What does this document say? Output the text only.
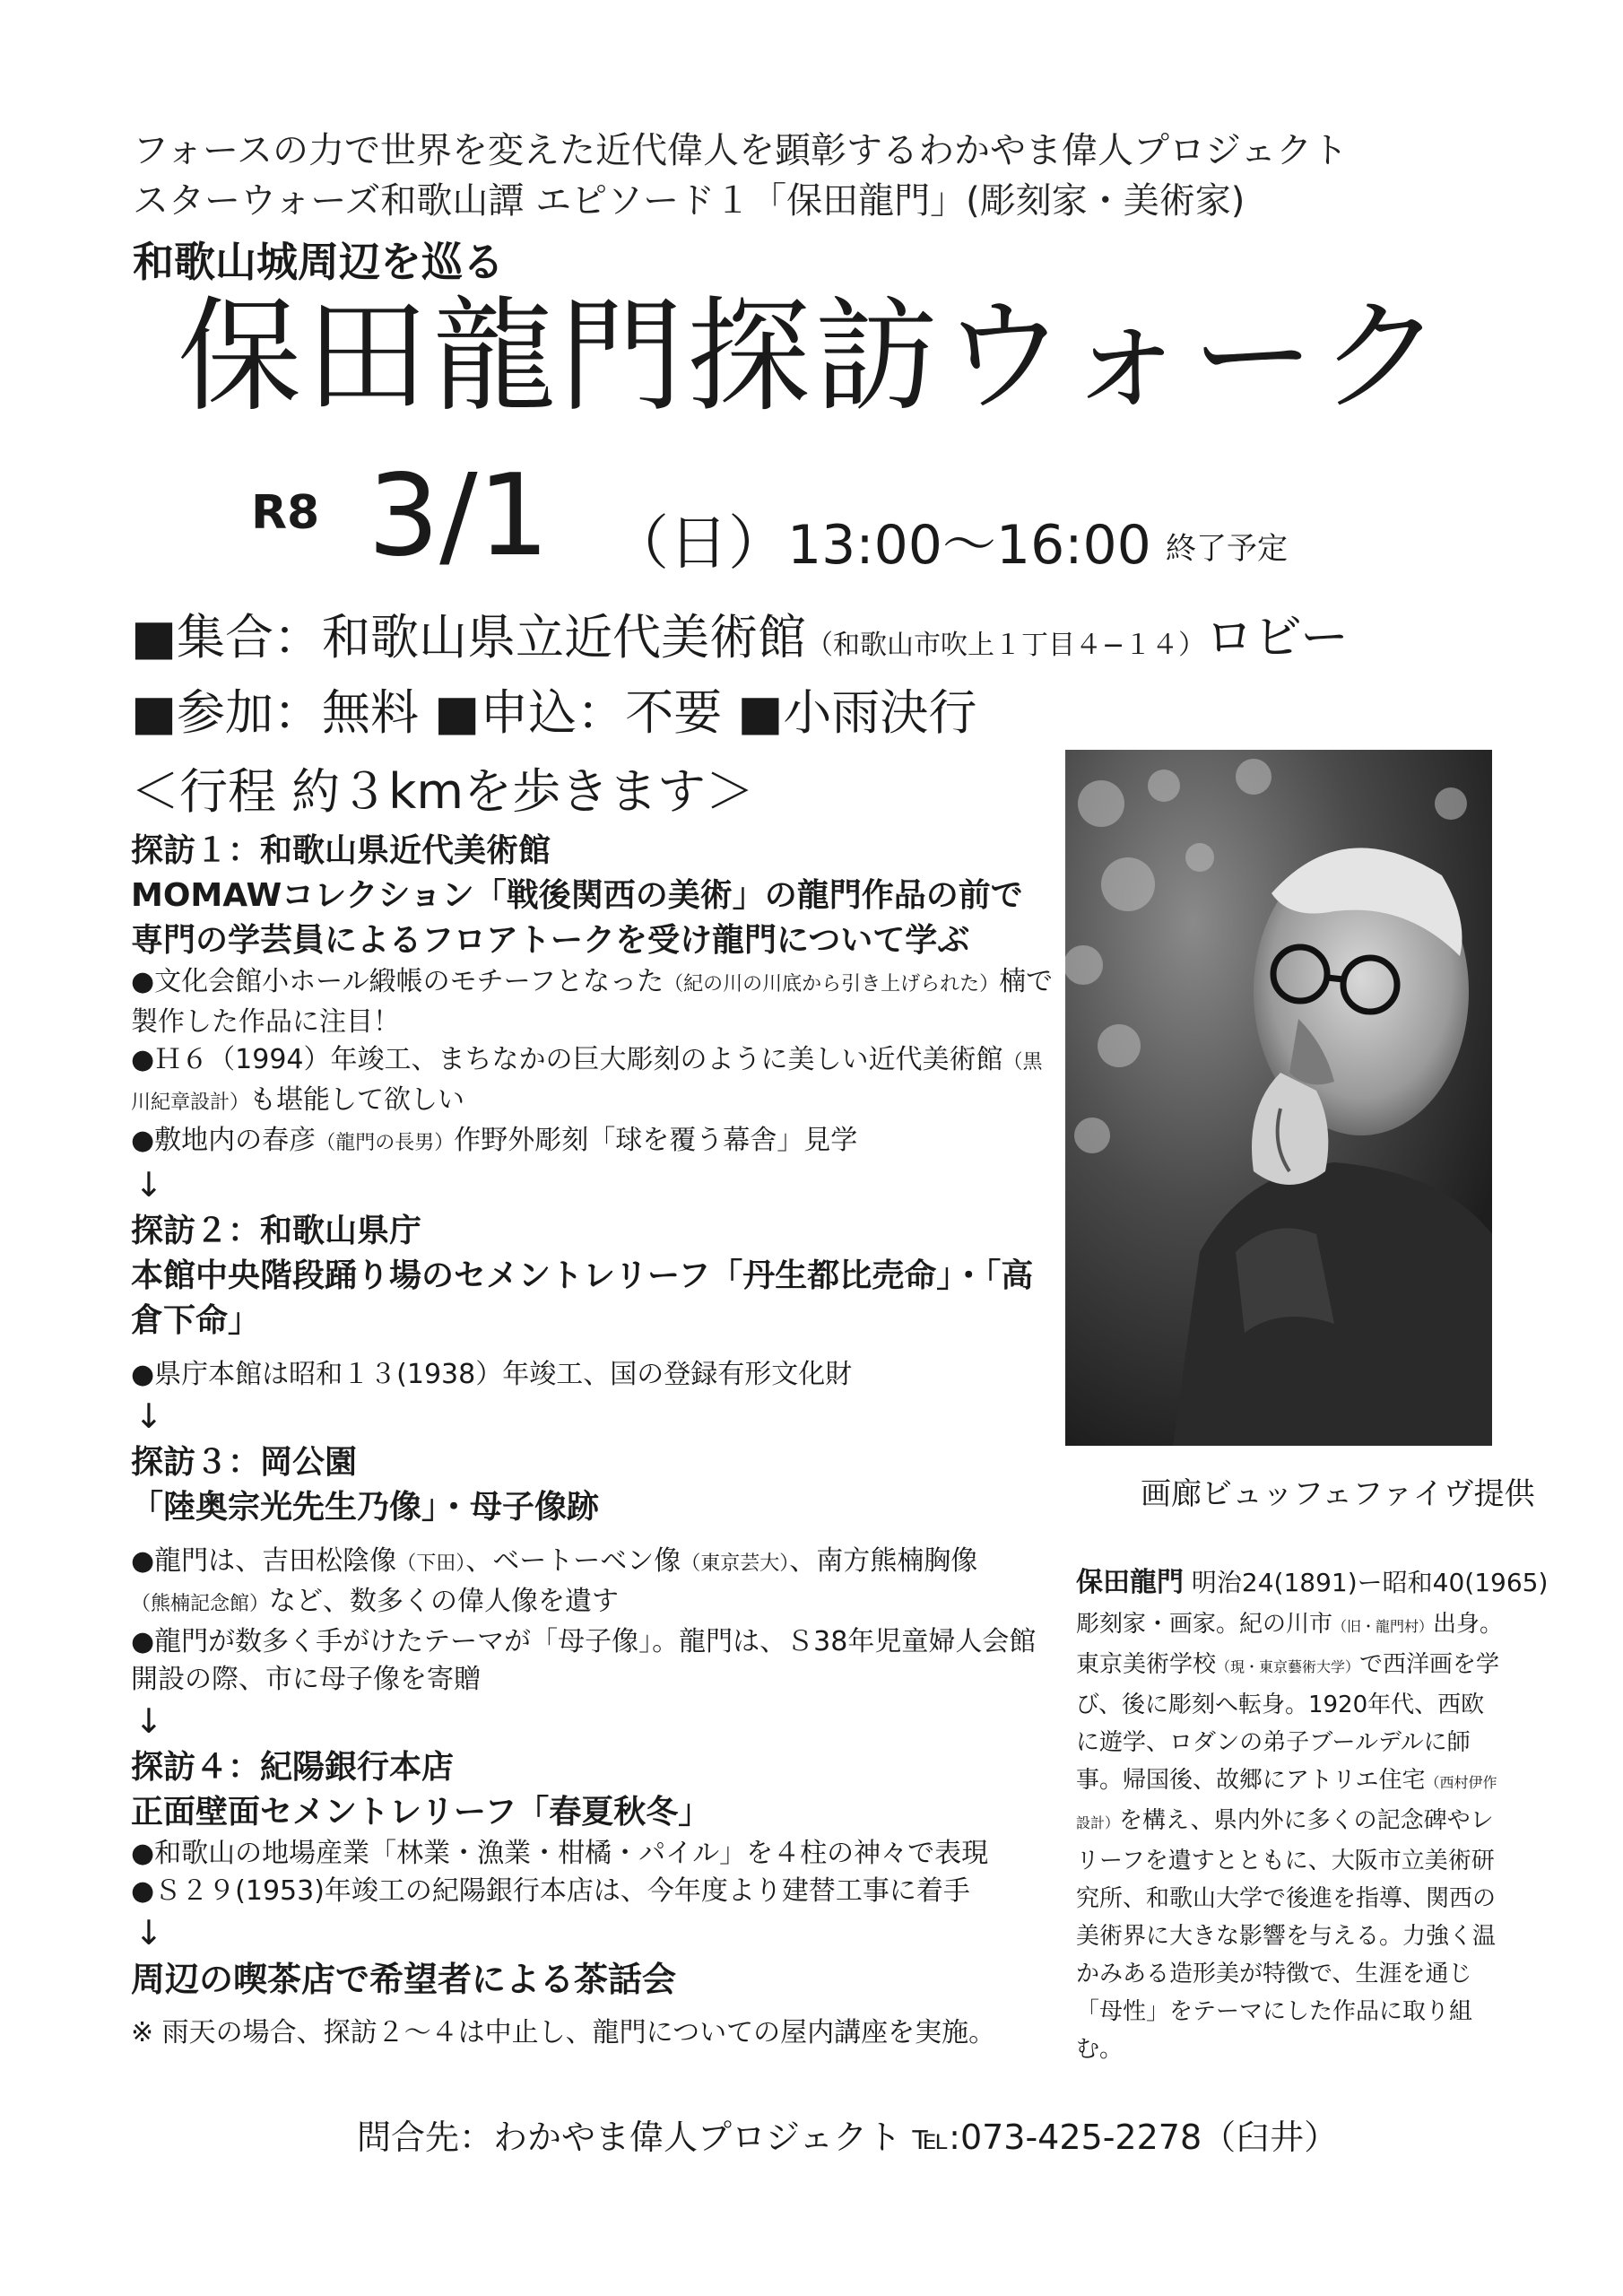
フォースの力で世界を変えた近代偉人を顕彰するわかやま偉人プロジェクト
スターウォーズ和歌山譚 エピソード１「保田龍門」(彫刻家・美術家)
和歌山城周辺を巡る
保田龍門探訪ウォーク
R8 3/1 （日） 13:00～16:00 終了予定
■集合：和歌山県立近代美術館（和歌山市吹上１丁目４−１４）ロビー
■参加：無料 ■申込：不要 ■小雨決行
＜行程 約３kmを歩きます＞
探訪１：和歌山県近代美術館
MOMAWコレクション「戦後関西の美術」の龍門作品の前で専門の学芸員によるフロアトークを受け龍門について学ぶ
●文化会館小ホール緞帳のモチーフとなった（紀の川の川底から引き上げられた）楠で製作した作品に注目！
●Ｈ６（1994）年竣工、まちなかの巨大彫刻のように美しい近代美術館（黒川紀章設計）も堪能して欲しい
●敷地内の春彦（龍門の長男）作野外彫刻「球を覆う幕舎」見学
↓
探訪２：和歌山県庁
本館中央階段踊り場のセメントレリーフ「丹生都比売命」・「高倉下命」
●県庁本館は昭和１３(1938）年竣工、国の登録有形文化財
↓
探訪３：岡公園
「陸奥宗光先生乃像」・母子像跡
●龍門は、吉田松陰像（下田）、ベートーベン像（東京芸大）、南方熊楠胸像
（熊楠記念館）など、数多くの偉人像を遺す
●龍門が数多く手がけたテーマが「母子像」。龍門は、Ｓ38年児童婦人会館開設の際、市に母子像を寄贈
↓
探訪４：紀陽銀行本店
正面壁面セメントレリーフ「春夏秋冬」
●和歌山の地場産業「林業・漁業・柑橘・パイル」を４柱の神々で表現
●Ｓ２９(1953)年竣工の紀陽銀行本店は、今年度より建替工事に着手
↓
周辺の喫茶店で希望者による茶話会
※ 雨天の場合、探訪２～４は中止し、龍門についての屋内講座を実施。
画廊ビュッフェファイヴ提供
保田龍門 明治24(1891)ー昭和40(1965)
彫刻家・画家。紀の川市（旧・龍門村）出身。東京美術学校（現・東京藝術大学）で西洋画を学び、後に彫刻へ転身。1920年代、西欧に遊学、ロダンの弟子ブールデルに師事。帰国後、故郷にアトリエ住宅（西村伊作設計）を構え、県内外に多くの記念碑やレリーフを遺すとともに、大阪市立美術研究所、和歌山大学で後進を指導、関西の美術界に大きな影響を与える。力強く温かみある造形美が特徴で、生涯を通じ「母性」をテーマにした作品に取り組む。
問合先：わかやま偉人プロジェクト ℡:073-425-2278（臼井）
